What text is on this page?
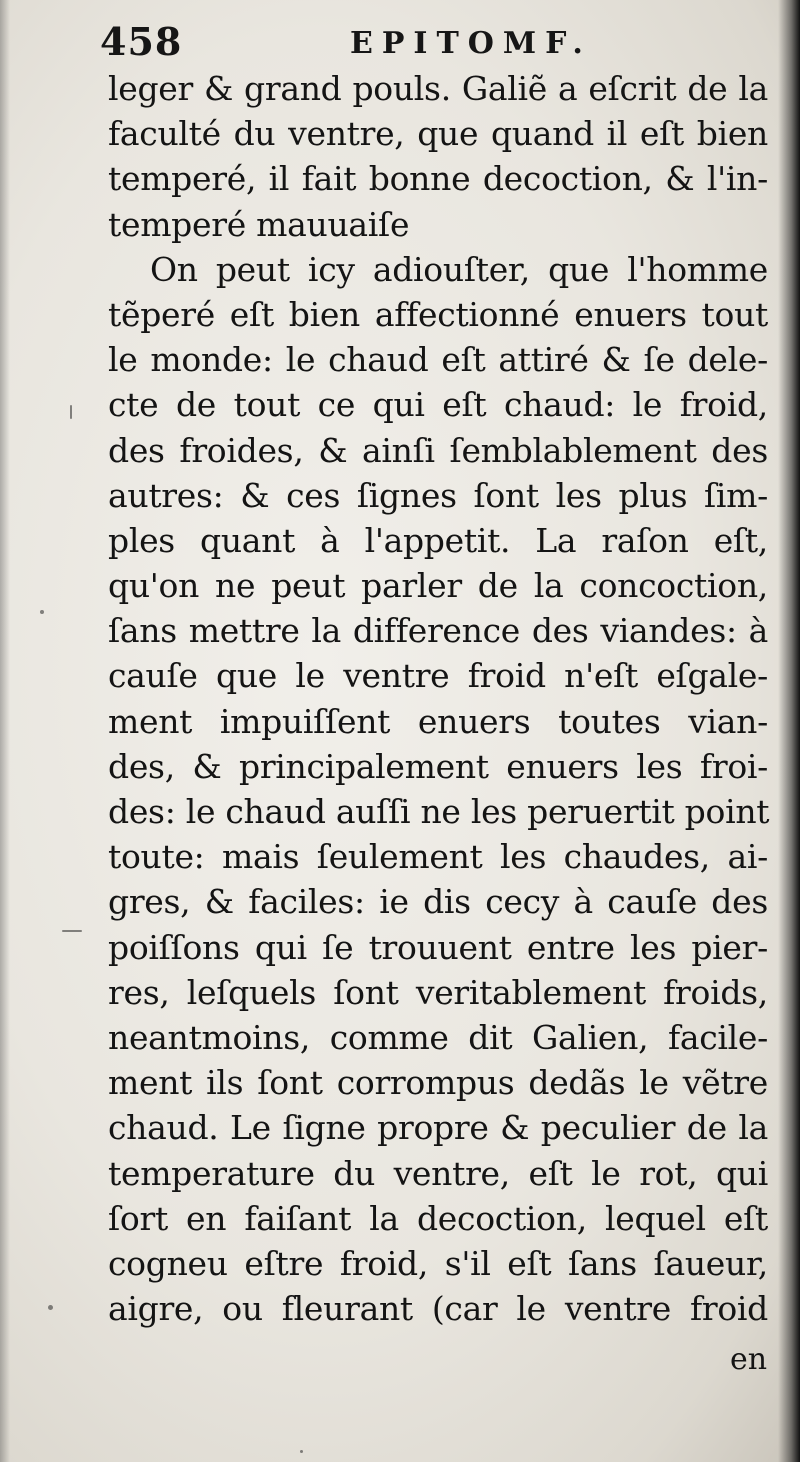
458	EPITOMF.
leger & grand pouls. Galiẽ a eſcrit de la
faculté du ventre, que quand il eſt bien
temperé, il fait bonne decoction, & l'in-
temperé mauuaiſe
On peut icy adiouſter, que l'homme
tẽperé eſt bien affectionné enuers tout
le monde: le chaud eſt attiré & ſe dele-
cte de tout ce qui eſt chaud: le froid,
des froides, & ainſi ſemblablement des
autres: & ces ſignes ſont les plus ſim-
ples quant à l'appetit. La raſon eſt,
qu'on ne peut parler de la concoction,
ſans mettre la difference des viandes: à
cauſe que le ventre froid n'eſt eſgale-
ment impuiſſent enuers toutes vian-
des, & principalement enuers les froi-
des: le chaud auſſi ne les peruertit point
toute: mais ſeulement les chaudes, ai-
gres, & faciles: ie dis cecy à cauſe des
poiſſons qui ſe trouuent entre les pier-
res, leſquels ſont veritablement froids,
neantmoins, comme dit Galien, facile-
ment ils ſont corrompus dedãs le vẽtre
chaud. Le ſigne propre & peculier de la
temperature du ventre, eſt le rot, qui
ſort en faiſant la decoction, lequel eſt
cogneu eſtre froid, s'il eſt ſans ſaueur,
aigre, ou fleurant (car le ventre froid
en
